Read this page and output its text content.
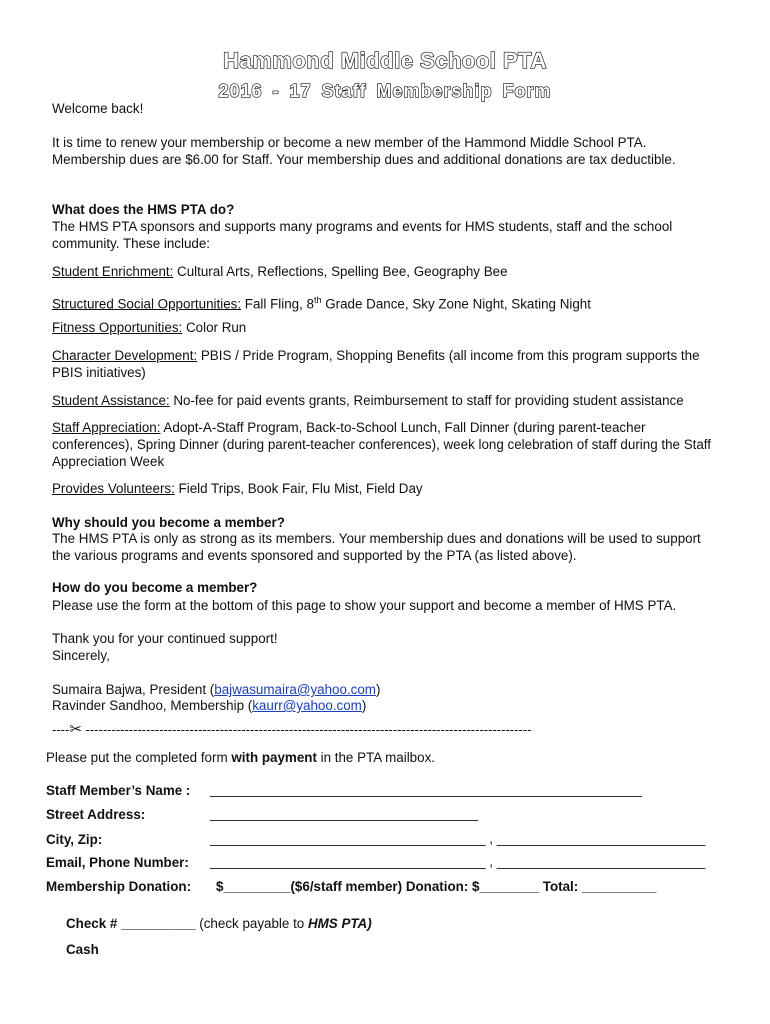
Hammond Middle School PTA
2016 - 17 Staff Membership Form

Welcome back!

It is time to renew your membership or become a new member of the Hammond Middle School PTA. Membership dues are $6.00 for Staff. Your membership dues and additional donations are tax deductible.

What does the HMS PTA do?

The HMS PTA sponsors and supports many programs and events for HMS students, staff and the school community. These include:

Student Enrichment: Cultural Arts, Reflections, Spelling Bee, Geography Bee

Structured Social Opportunities: Fall Fling, 8th Grade Dance, Sky Zone Night, Skating Night

Fitness Opportunities: Color Run

Character Development: PBIS / Pride Program, Shopping Benefits (all income from this program supports the PBIS initiatives)

Student Assistance: No-fee for paid events grants, Reimbursement to staff for providing student assistance

Staff Appreciation: Adopt-A-Staff Program, Back-to-School Lunch, Fall Dinner (during parent-teacher conferences), Spring Dinner (during parent-teacher conferences), week long celebration of staff during the Staff Appreciation Week

Provides Volunteers: Field Trips, Book Fair, Flu Mist, Field Day

Why should you become a member?

The HMS PTA is only as strong as its members. Your membership dues and donations will be used to support the various programs and events sponsored and supported by the PTA (as listed above).

How do you become a member?

Please use the form at the bottom of this page to show your support and become a member of HMS PTA.

Thank you for your continued support!

Sincerely,

Sumaira Bajwa, President (bajwasumaira@yahoo.com)

Ravinder Sandhoo, Membership (kaurr@yahoo.com)

----✂ -------------------------------------------------------------------------------------------------------

Please put the completed form with payment in the PTA mailbox.

Staff Member’s Name :	__________________________________________________________
Street Address:	____________________________________
City, Zip:	_____________________________________ , ____________________________
Email, Phone Number:	_____________________________________ , ____________________________
Membership Donation:	$_________($6/staff member) Donation: $________ Total: __________
Check # __________ (check payable to HMS PTA)
Cash
